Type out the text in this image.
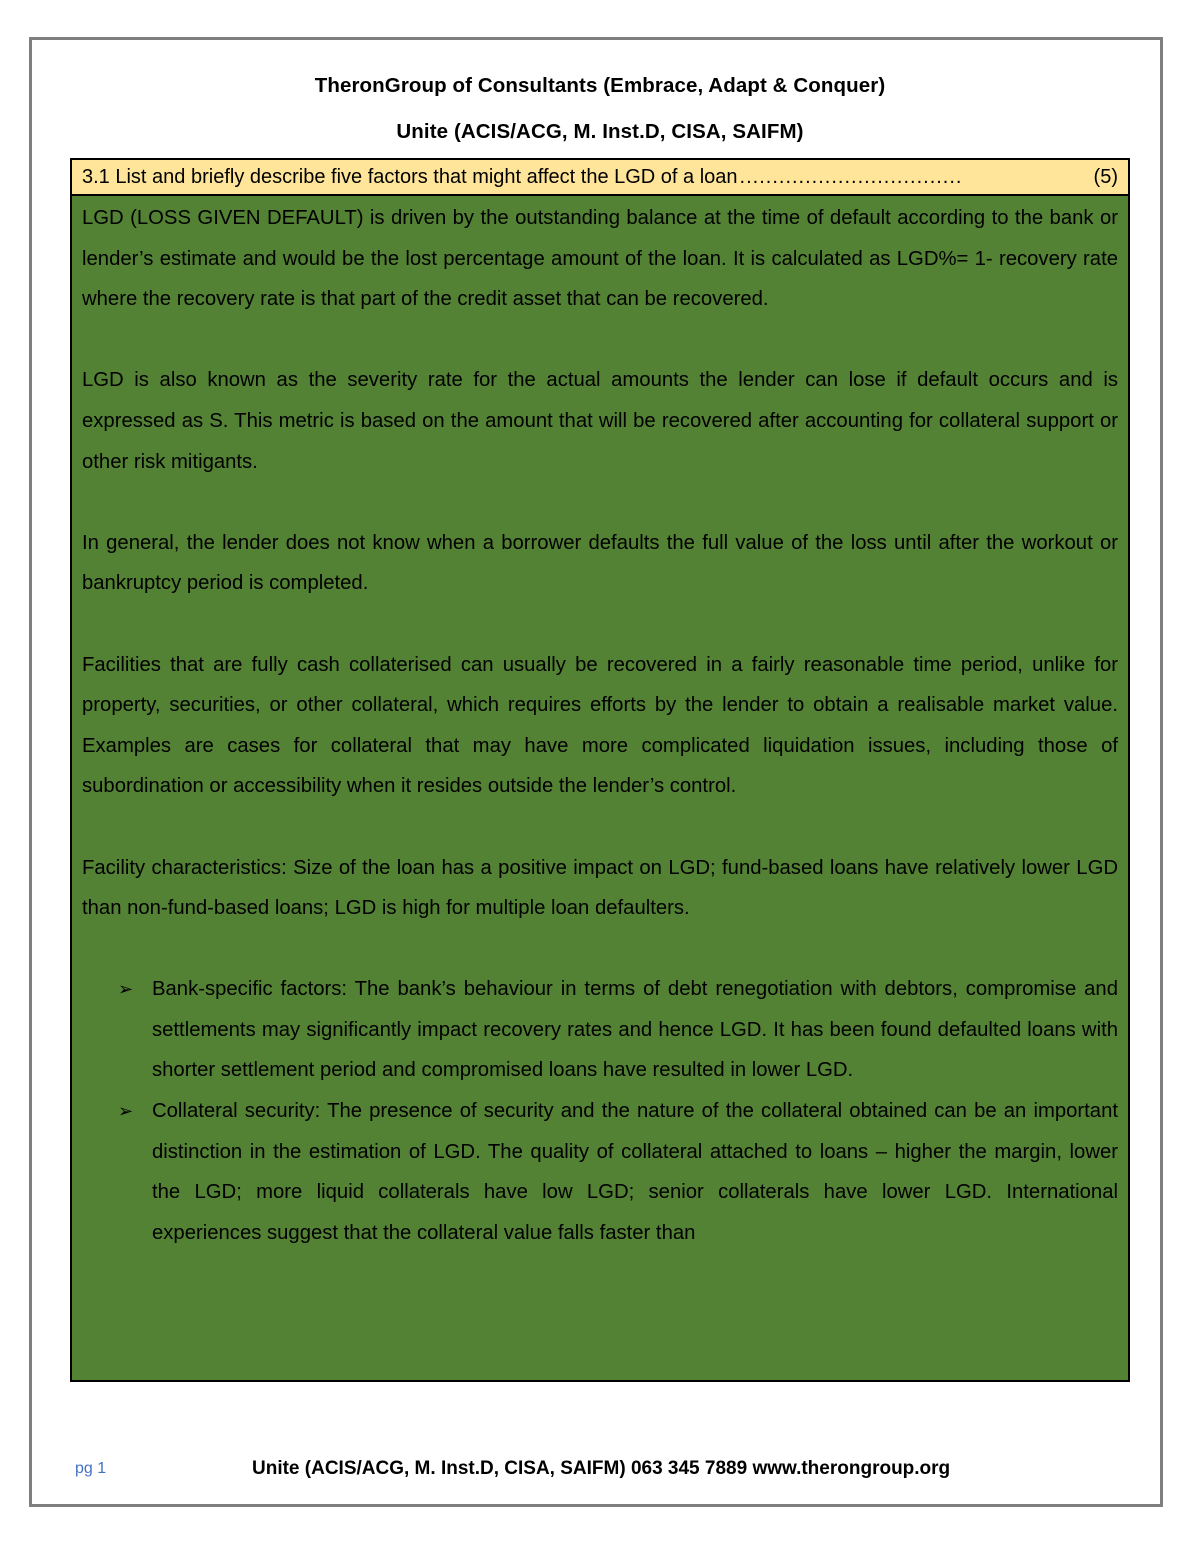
TheronGroup of Consultants (Embrace, Adapt & Conquer)
Unite (ACIS/ACG, M. Inst.D, CISA, SAIFM)
3.1 List and briefly describe five factors that might affect the LGD of a loan ..................................	(5)

LGD (LOSS GIVEN DEFAULT) is driven by the outstanding balance at the time of default according to the bank or lender’s estimate and would be the lost percentage amount of the loan. It is calculated as LGD%= 1- recovery rate where the recovery rate is that part of the credit asset that can be recovered.

LGD is also known as the severity rate for the actual amounts the lender can lose if default occurs and is expressed as S. This metric is based on the amount that will be recovered after accounting for collateral support or other risk mitigants.

In general, the lender does not know when a borrower defaults the full value of the loss until after the workout or bankruptcy period is completed.

Facilities that are fully cash collaterised can usually be recovered in a fairly reasonable time period, unlike for property, securities, or other collateral, which requires efforts by the lender to obtain a realisable market value. Examples are cases for collateral that may have more complicated liquidation issues, including those of subordination or accessibility when it resides outside the lender’s control.

Facility characteristics: Size of the loan has a positive impact on LGD; fund-based loans have relatively lower LGD than non-fund-based loans; LGD is high for multiple loan defaulters.

➢ Bank-specific factors: The bank’s behaviour in terms of debt renegotiation with debtors, compromise and settlements may significantly impact recovery rates and hence LGD. It has been found defaulted loans with shorter settlement period and compromised loans have resulted in lower LGD.
➢ Collateral security: The presence of security and the nature of the collateral obtained can be an important distinction in the estimation of LGD. The quality of collateral attached to loans – higher the margin, lower the LGD; more liquid collaterals have low LGD; senior collaterals have lower LGD. International experiences suggest that the collateral value falls faster than
pg 1	Unite (ACIS/ACG, M. Inst.D, CISA, SAIFM) 063 345 7889 www.therongroup.org
